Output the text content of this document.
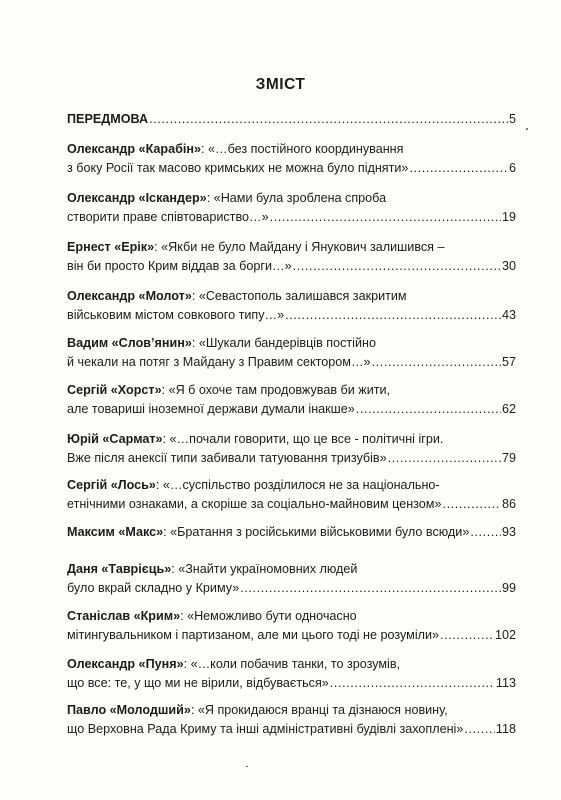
ЗМІСТ
ПЕРЕДМОВА .....	5
Олександр «Карабін»: «…без постійного координування
з боку Росії так масово кримських не можна було підняти» .....	6
Олександр «Іскандер»: «Нами була зроблена спроба
створити праве співтовариство…» .....	19
Ернест «Ерік»: «Якби не було Майдану і Янукович залишився –
він би просто Крим віддав за борги…» .....	30
Олександр «Молот»: «Севастополь залишався закритим
військовим містом совкового типу…» .....	43
Вадим «Слов’янин»: «Шукали бандерівців постійно
й чекали на потяг з Майдану з Правим сектором…» .....	57
Сергій «Хорст»: «Я б охоче там продовжував би жити,
але товариші іноземної держави думали інакше» .....	62
Юрій «Сармат»: «…почали говорити, що це все - політичні ігри.
Вже після анексії типи забивали татуювання тризубів» .....	79
Сергій «Лось»: «…суспільство розділилося не за національно-
етнічними ознаками, а скоріше за соціально-майновим цензом» .....	86
Максим «Макс»: «Братання з російськими військовими було всюди» .....	93
Даня «Таврієць»: «Знайти україномовних людей
було вкрай складно у Криму» .....	99
Станіслав «Крим»: «Неможливо бути одночасно
мітингувальником і партизаном, але ми цього тоді не розуміли» .....	102
Олександр «Пуня»: «…коли побачив танки, то зрозумів,
що все: те, у що ми не вірили, відбувається» .....	113
Павло «Молодший»: «Я прокидаюся вранці та дізнаюся новину,
що Верховна Рада Криму та інші адміністративні будівлі захоплені» .....	118
